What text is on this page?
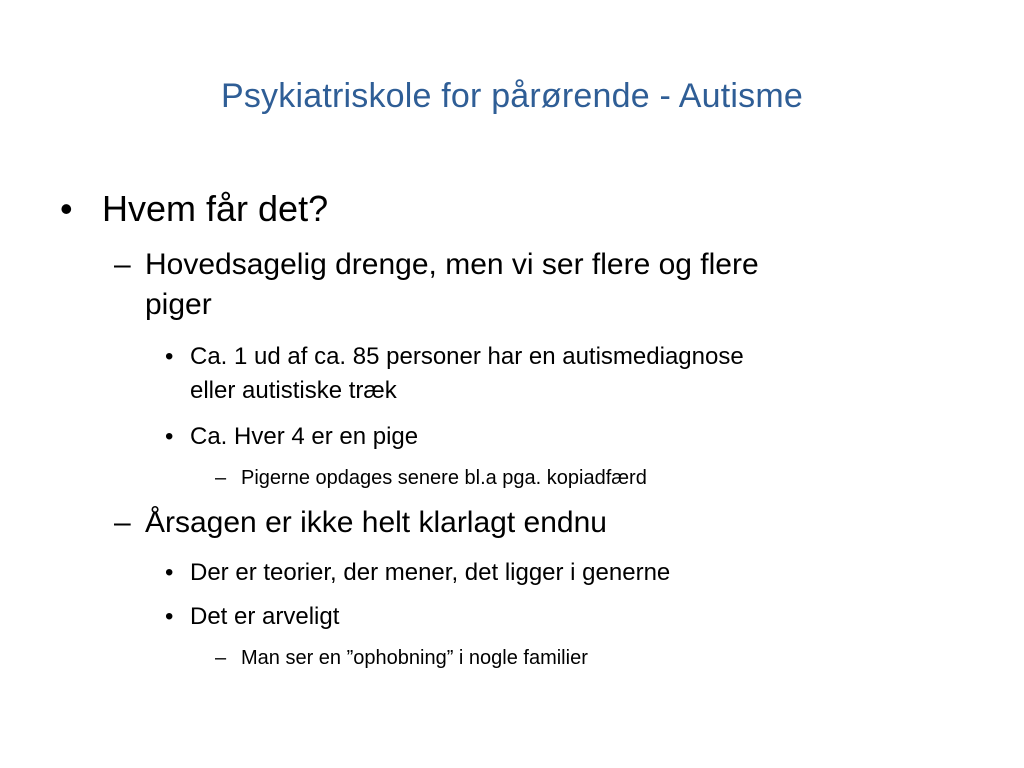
Psykiatriskole for pårørende - Autisme
• Hvem får det?
– Hovedsagelig drenge, men vi ser flere og flere
piger
• Ca. 1 ud af ca. 85 personer har en autismediagnose
eller autistiske træk
• Ca. Hver 4 er en pige
– Pigerne opdages senere bl.a pga. kopiadfærd
– Årsagen er ikke helt klarlagt endnu
• Der er teorier, der mener, det ligger i generne
• Det er arveligt
– Man ser en ”ophobning” i nogle familier
